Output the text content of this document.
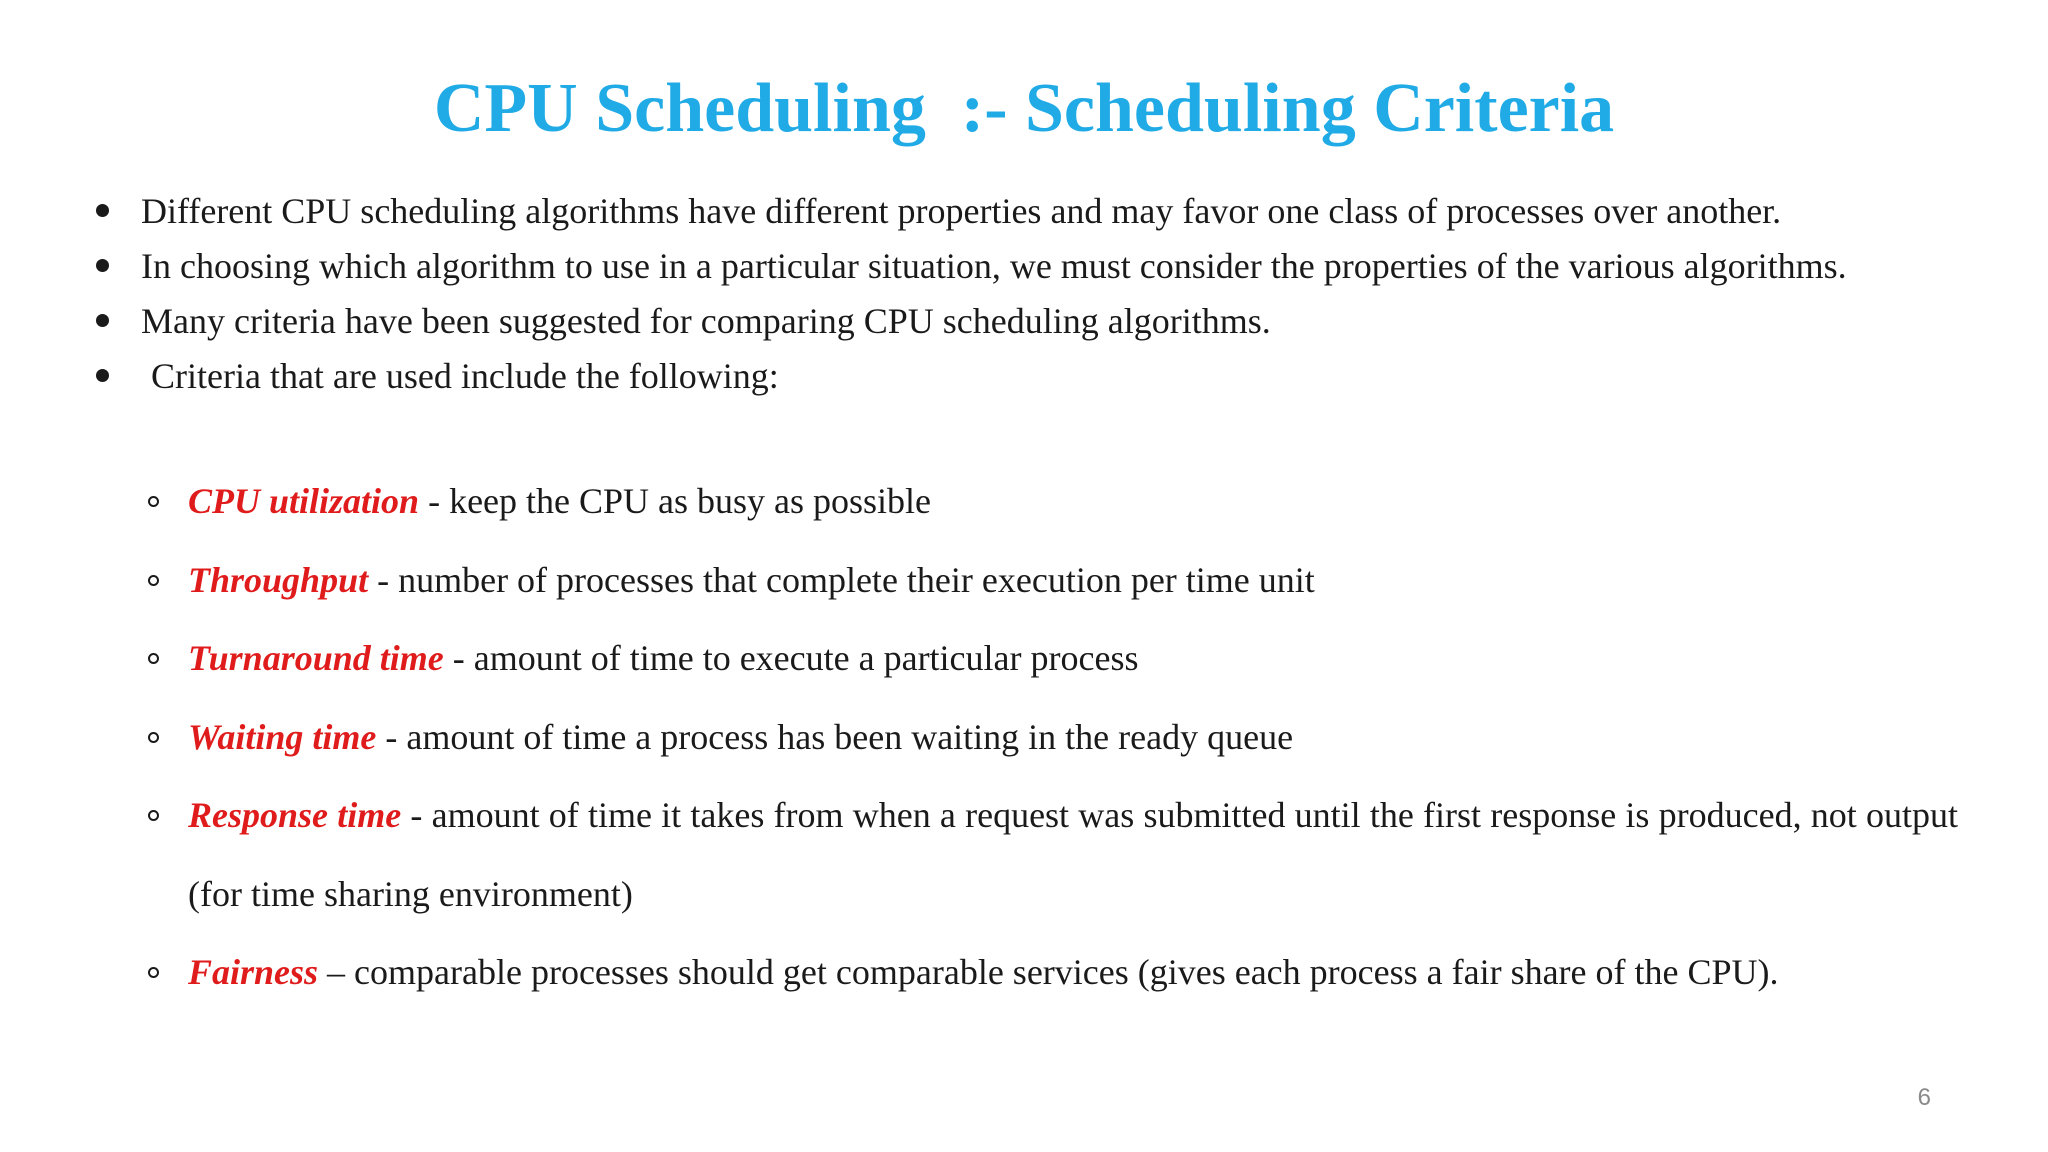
CPU Scheduling  :- Scheduling Criteria
Different CPU scheduling algorithms have different properties and may favor one class of processes over another.
In choosing which algorithm to use in a particular situation, we must consider the properties of the various algorithms.
Many criteria have been suggested for comparing CPU scheduling algorithms.
Criteria that are used include the following:
CPU utilization - keep the CPU as busy as possible
Throughput - number of processes that complete their execution per time unit
Turnaround time - amount of time to execute a particular process
Waiting time - amount of time a process has been waiting in the ready queue
Response time - amount of time it takes from when a request was submitted until the first response is produced, not output (for time sharing environment)
Fairness – comparable processes should get comparable services (gives each process a fair share of the CPU).
6
